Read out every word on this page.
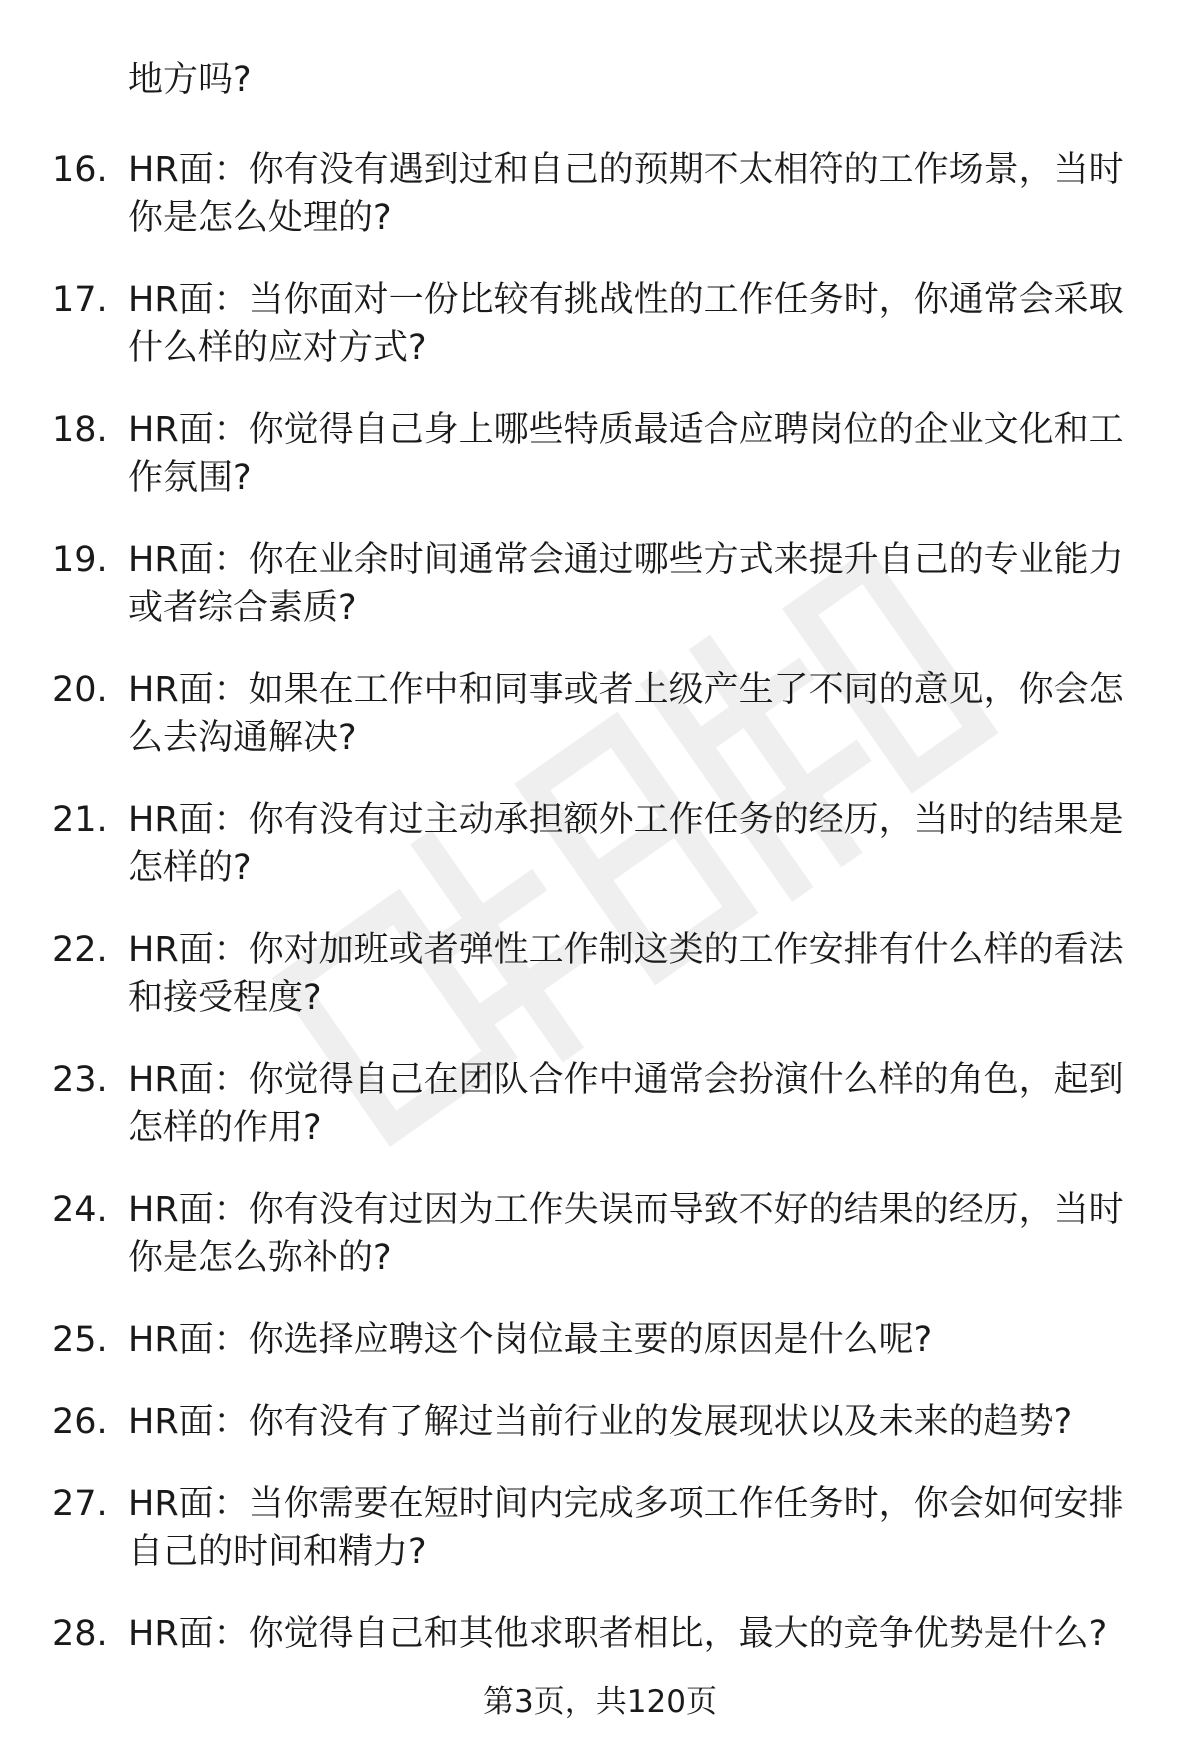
地方吗?
16. HR面：你有没有遇到过和自己的预期不太相符的工作场景，当时
你是怎么处理的?
17. HR面：当你面对一份比较有挑战性的工作任务时，你通常会采取
什么样的应对方式?
18. HR面：你觉得自己身上哪些特质最适合应聘岗位的企业文化和工
作氛围?
19. HR面：你在业余时间通常会通过哪些方式来提升自己的专业能力
或者综合素质?
20. HR面：如果在工作中和同事或者上级产生了不同的意见，你会怎
么去沟通解决?
21. HR面：你有没有过主动承担额外工作任务的经历，当时的结果是
怎样的?
22. HR面：你对加班或者弹性工作制这类的工作安排有什么样的看法
和接受程度?
23. HR面：你觉得自己在团队合作中通常会扮演什么样的角色，起到
怎样的作用?
24. HR面：你有没有过因为工作失误而导致不好的结果的经历，当时
你是怎么弥补的?
25. HR面：你选择应聘这个岗位最主要的原因是什么呢?
26. HR面：你有没有了解过当前行业的发展现状以及未来的趋势?
27. HR面：当你需要在短时间内完成多项工作任务时，你会如何安排
自己的时间和精力?
28. HR面：你觉得自己和其他求职者相比，最大的竞争优势是什么?
第3页，共120页
